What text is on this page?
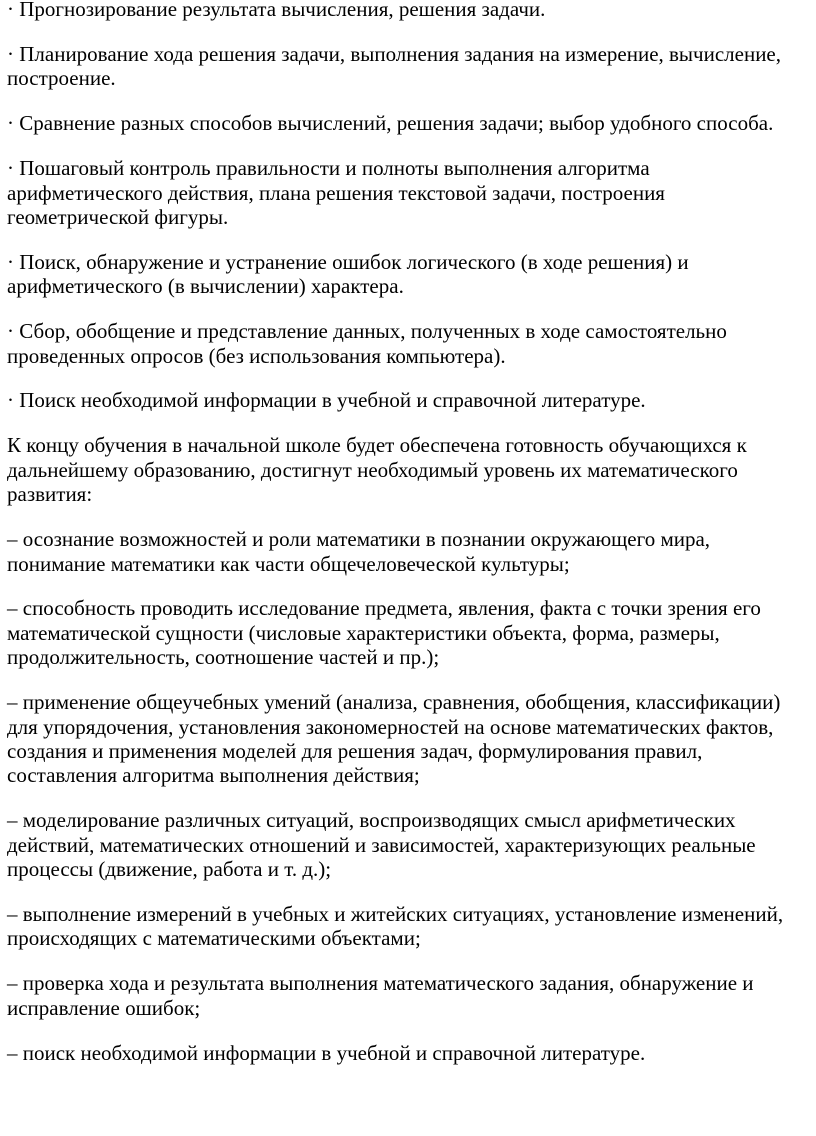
· Прогнозирование результата вычисления, решения задачи.

· Планирование хода решения задачи, выполнения задания на измерение, вычисление, построение.

· Сравнение разных способов вычислений, решения задачи; выбор удобного способа.

· Пошаговый контроль правильности и полноты выполнения алгоритма арифметического действия, плана решения текстовой задачи, построения геометрической фигуры.

· Поиск, обнаружение и устранение ошибок логического (в ходе решения) и арифметического (в вычислении) характера.

· Сбор, обобщение и представление данных, полученных в ходе самостоятельно проведенных опросов (без использования компьютера).

· Поиск необходимой информации в учебной и справочной литературе.

К концу обучения в начальной школе будет обеспечена готовность обучающихся к дальнейшему образованию, достигнут необходимый уровень их математического развития:

– осознание возможностей и роли математики в познании окружающего мира, понимание математики как части общечеловеческой культуры;

– способность проводить исследование предмета, явления, факта с точки зрения его математической сущности (числовые характеристики объекта, форма, размеры, продолжительность, соотношение частей и пр.);

– применение общеучебных умений (анализа, сравнения, обобщения, классификации) для упорядочения, установления закономерностей на основе математических фактов, создания и применения моделей для решения задач, формулирования правил, составления алгоритма выполнения действия;

– моделирование различных ситуаций, воспроизводящих смысл арифметических действий, математических отношений и зависимостей, характеризующих реальные процессы (движение, работа и т. д.);

– выполнение измерений в учебных и житейских ситуациях, установление изменений, происходящих с математическими объектами;

– проверка хода и результата выполнения математического задания, обнаружение и исправление ошибок;

– поиск необходимой информации в учебной и справочной литературе.
